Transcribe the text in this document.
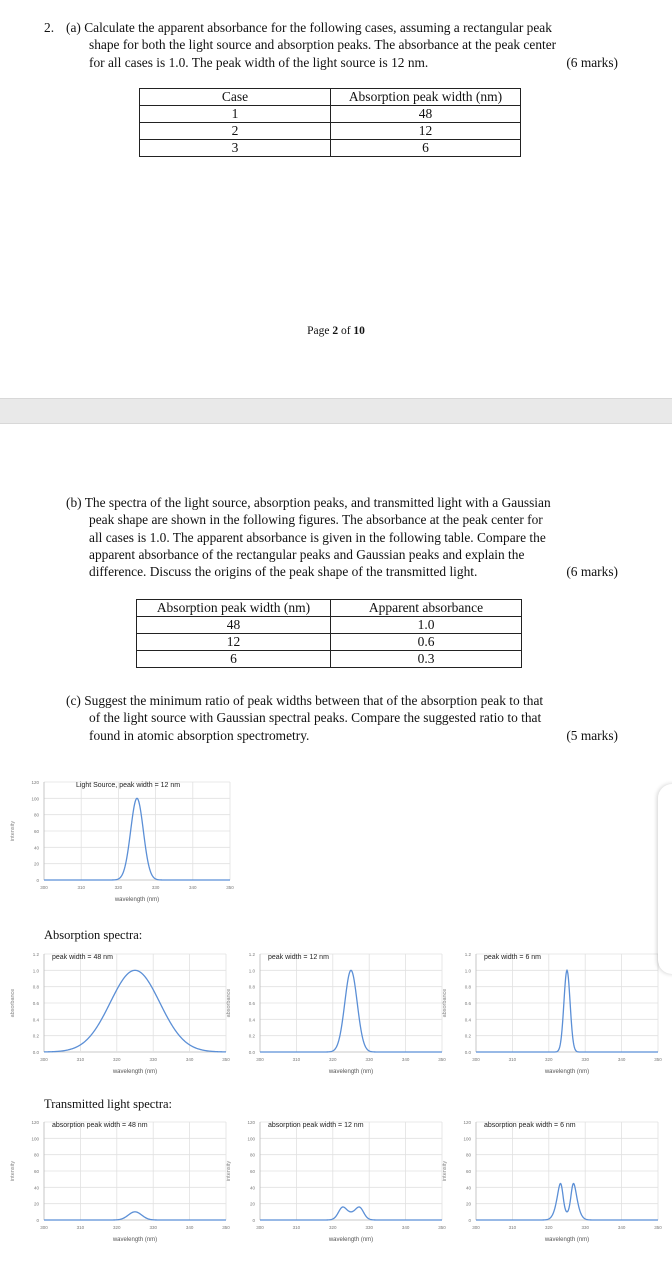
2. (a) Calculate the apparent absorbance for the following cases, assuming a rectangular peak
shape for both the light source and absorption peaks. The absorbance at the peak center
for all cases is 1.0. The peak width of the light source is 12 nm.	(6 marks)
Case	Absorption peak width (nm)
1	48
2	12
3	6
Page 2 of 10
(b) The spectra of the light source, absorption peaks, and transmitted light with a Gaussian
peak shape are shown in the following figures. The absorbance at the peak center for
all cases is 1.0. The apparent absorbance is given in the following table. Compare the
apparent absorbance of the rectangular peaks and Gaussian peaks and explain the
difference. Discuss the origins of the peak shape of the transmitted light.	(6 marks)
Absorption peak width (nm)	Apparent absorbance
48	1.0
12	0.6
6	0.3
(c) Suggest the minimum ratio of peak widths between that of the absorption peak to that
of the light source with Gaussian spectral peaks. Compare the suggested ratio to that
found in atomic absorption spectrometry.	(5 marks)
0
20
40
60
80
100
120
300	310	320	330	340	350
wavelength (nm)
intensity
Light Source, peak width = 12 nm
Absorption spectra:
0.0
0.2
0.4
0.6
0.8
1.0
1.2
300	310	320	330	340	350
wavelength (nm)
absorbance
peak width = 48 nm
0.0
0.2
0.4
0.6
0.8
1.0
1.2
300	310	320	330	340	350
wavelength (nm)
absorbance
peak width = 12 nm
0.0
0.2
0.4
0.6
0.8
1.0
1.2
300	310	320	330	340	350
wavelength (nm)
absorbance
peak width = 6 nm
Transmitted light spectra:
0
20
40
60
80
100
120
300	310	320	330	340	350
wavelength (nm)
intensity
absorption peak width = 48 nm
0
20
40
60
80
100
120
300	310	320	330	340	350
wavelength (nm)
intensity
absorption peak width = 12 nm
0
20
40
60
80
100
120
300	310	320	330	340	350
wavelength (nm)
intensity
absorption peak width = 6 nm
